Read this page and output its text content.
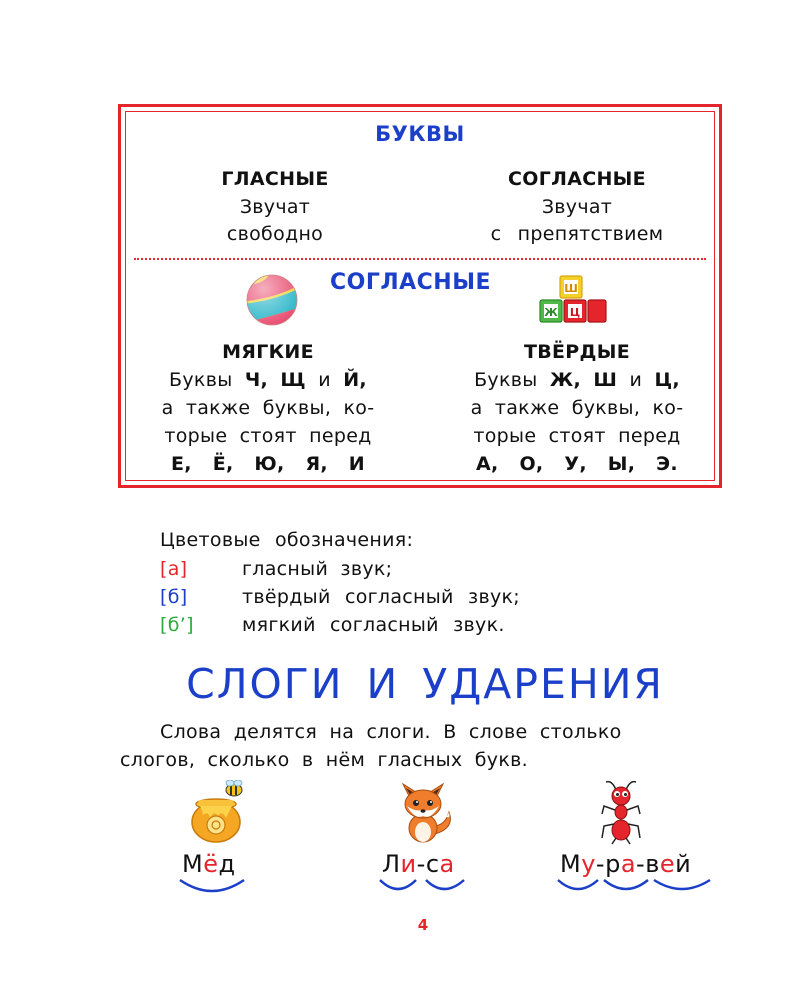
БУКВЫ
ГЛАСНЫЕ
Звучат
свободно
СОГЛАСНЫЕ
Звучат
с препятствием
СОГЛАСНЫЕ	Ш
Ж Ц
МЯГКИЕ
Буквы Ч, Щ и Й,
а также буквы, ко-
торые стоят перед
Е, Ё, Ю, Я, И
ТВЁРДЫЕ
Буквы Ж, Ш и Ц,
а также буквы, ко-
торые стоят перед
А, О, У, Ы, Э.
Цветовые обозначения:
[а]	гласный звук;
[б]	твёрдый согласный звук;
[б’]	мягкий согласный звук.
СЛОГИ И УДАРЕНИЯ
Слова делятся на слоги. В слове столько
слогов, сколько в нём гласных букв.
Мёд	Ли-са	Му-ра-вей
4
